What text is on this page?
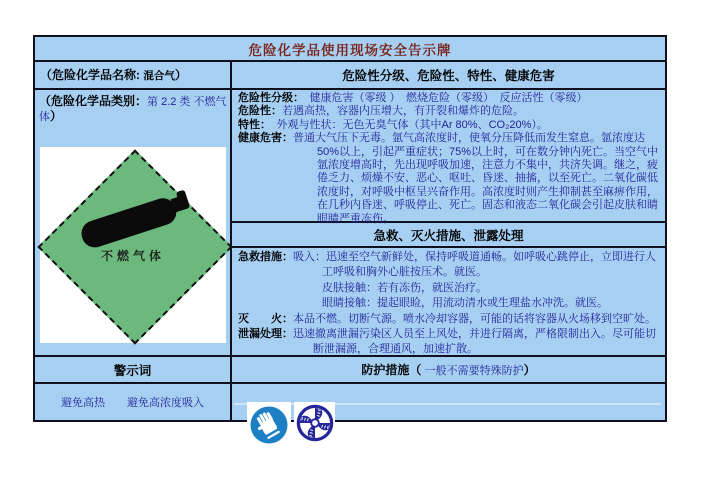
危险化学品使用现场安全告示牌
（危险化学品名称: 混合气）	危险性分级、危险性、特性、健康危害
（危险化学品类别：第 2.2 类 不燃气体）
不燃气体
危险性分级：　健康危害（零级 ）　燃烧危险（零级）　反应活性（零级）
危险性：若遇高热，容器内压增大，有开裂和爆炸的危险。
特性：　外观与性状：无色无臭气体（其中Ar 80%、CO₂20%）。
健康危害：普通大气压下无毒。氩气高浓度时，使氧分压降低而发生窒息。氩浓度达 50%以上，引起严重症状；75%以上时，可在数分钟内死亡。当空气中氩浓度增高时，先出现呼吸加速，注意力不集中，共济失调。继之，疲倦乏力、烦燥不安、恶心、呕吐、昏迷、抽搐，以至死亡。二氧化碳低浓度时，对呼吸中枢呈兴奋作用。高浓度时则产生抑制甚至麻痹作用，在几秒内昏迷、呼吸停止、死亡。固态和液态二氧化碳会引起皮肤和睛眼睛严重冻伤。
急救、灭火措施、泄露处理
急救措施：吸入：迅速至空气新鲜处，保持呼吸道通畅。如呼吸心跳停止，立即进行人工呼吸和胸外心脏按压术。就医。
皮肤接触：若有冻伤，就医治疗。
眼睛接触：提起眼睑，用流动清水或生理盐水冲洗。就医。
灭　　火：本品不燃。切断气源。喷水冷却容器，可能的话将容器从火场移到空旷处。
泄漏处理：迅速撤离泄漏污染区人员至上风处，并进行隔离，严格限制出入。尽可能切断泄漏源，合理通风，加速扩散。
警示词	防护措施（ 一般不需要特殊防护）
避免高热　　避免高浓度吸入
